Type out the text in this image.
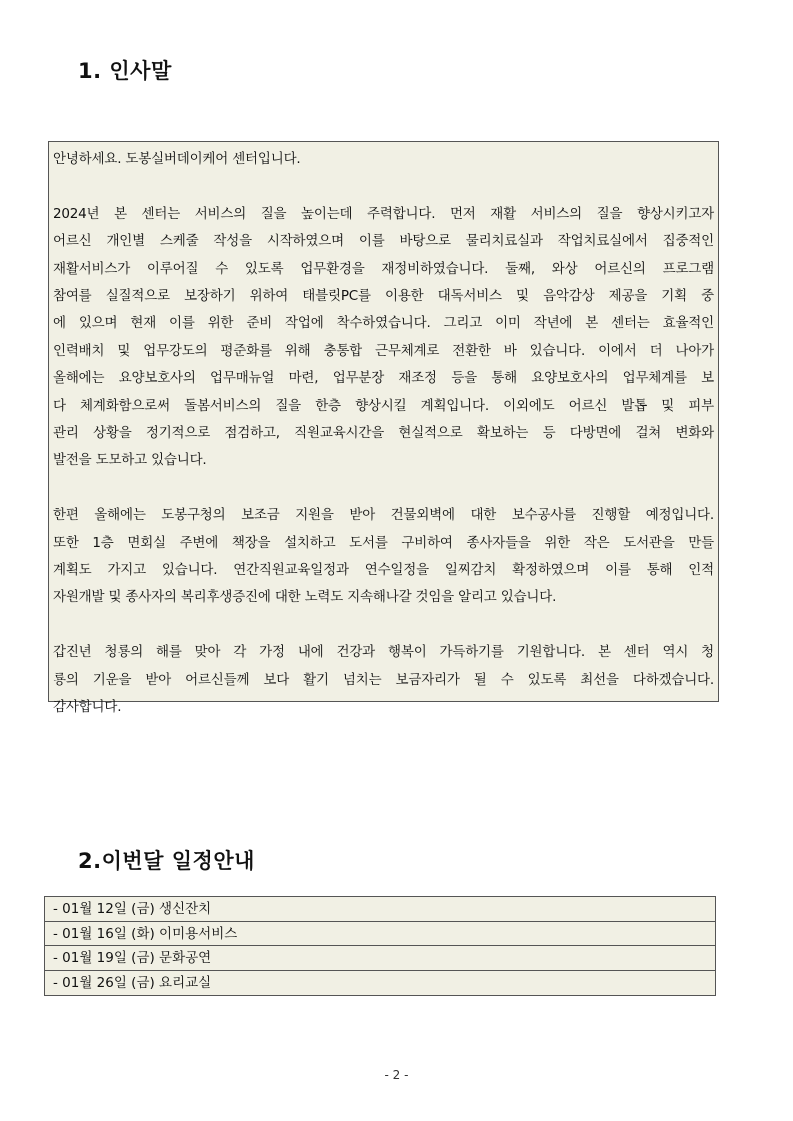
1. 인사말
안녕하세요. 도봉실버데이케어 센터입니다.
2024년 본 센터는 서비스의 질을 높이는데 주력합니다. 먼저 재활 서비스의 질을 향상시키고자
어르신 개인별 스케줄 작성을 시작하였으며 이를 바탕으로 물리치료실과 작업치료실에서 집중적인
재활서비스가 이루어질 수 있도록 업무환경을 재정비하였습니다. 둘째, 와상 어르신의 프로그램
참여를 실질적으로 보장하기 위하여 태블릿PC를 이용한 대독서비스 및 음악감상 제공을 기획 중
에 있으며 현재 이를 위한 준비 작업에 착수하였습니다. 그리고 이미 작년에 본 센터는 효율적인
인력배치 및 업무강도의 평준화를 위해 충통합 근무체계로 전환한 바 있습니다. 이에서 더 나아가
올해에는 요양보호사의 업무매뉴얼 마련, 업무분장 재조정 등을 통해 요양보호사의 업무체계를 보
다 체계화함으로써 돌봄서비스의 질을 한층 향상시킬 계획입니다. 이외에도 어르신 발톱 및 피부
관리 상황을 정기적으로 점검하고, 직원교육시간을 현실적으로 확보하는 등 다방면에 걸쳐 변화와
발전을 도모하고 있습니다.
한편 올해에는 도봉구청의 보조금 지원을 받아 건물외벽에 대한 보수공사를 진행할 예정입니다.
또한 1층 면회실 주변에 책장을 설치하고 도서를 구비하여 종사자들을 위한 작은 도서관을 만들
계획도 가지고 있습니다. 연간직원교육일정과 연수일정을 일찌감치 확정하였으며 이를 통해 인적
자원개발 및 종사자의 복리후생증진에 대한 노력도 지속해나갈 것임을 알리고 있습니다.
갑진년 청룡의 해를 맞아 각 가정 내에 건강과 행복이 가득하기를 기원합니다. 본 센터 역시 청
룡의 기운을 받아 어르신들께 보다 활기 넘치는 보금자리가 될 수 있도록 최선을 다하겠습니다.
감사합니다.
2.이번달 일정안내
- 01월 12일 (금) 생신잔치
- 01월 16일 (화) 이미용서비스
- 01월 19일 (금) 문화공연
- 01월 26일 (금) 요리교실
- 2 -
